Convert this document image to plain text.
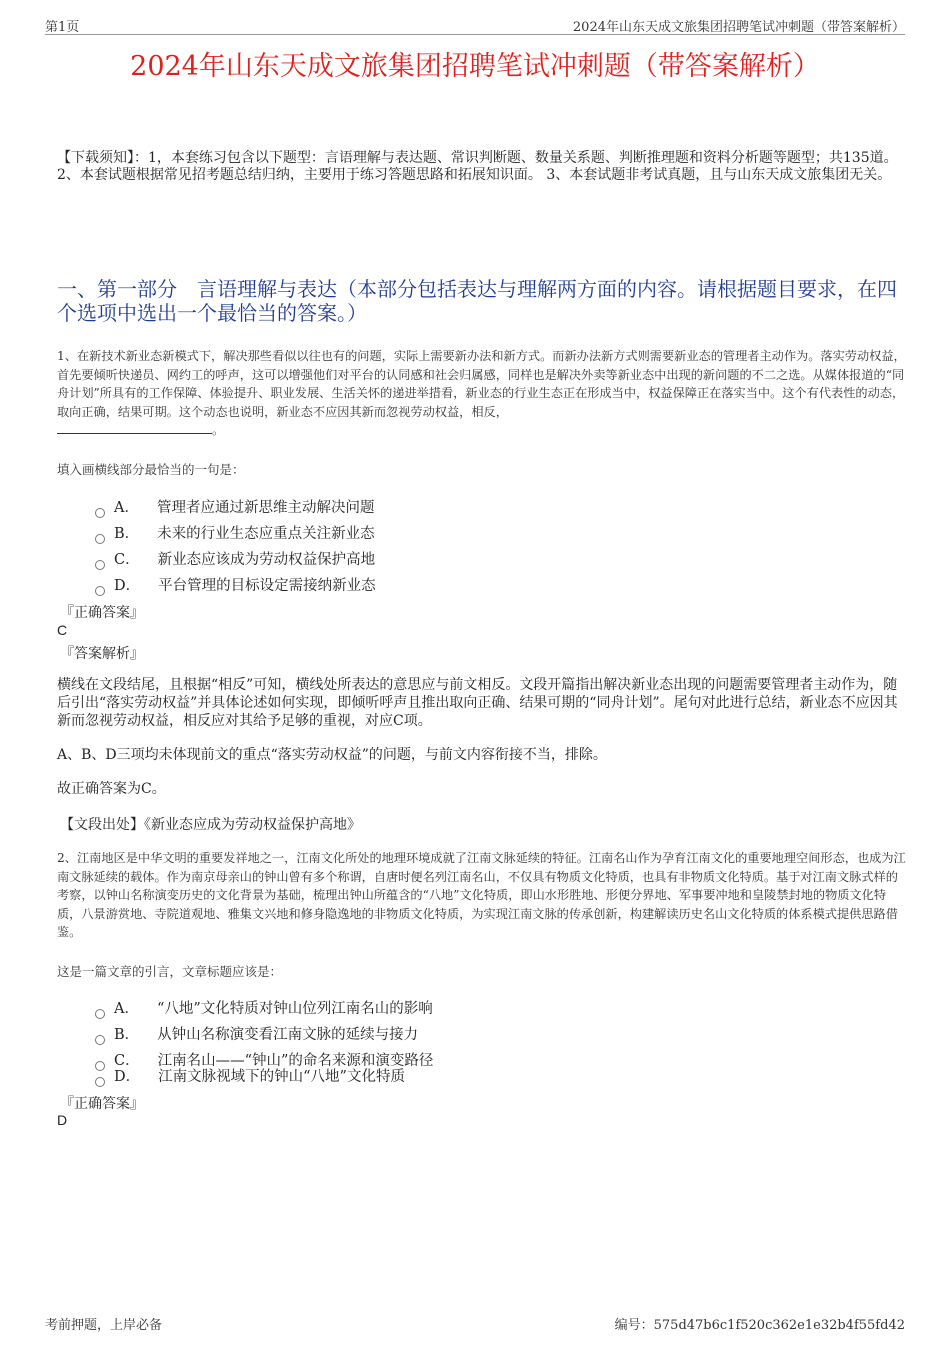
第1页	2024年山东天成文旅集团招聘笔试冲刺题（带答案解析）
2024年山东天成文旅集团招聘笔试冲刺题（带答案解析）
【下载须知】：1，本套练习包含以下题型：言语理解与表达题、常识判断题、数量关系题、判断推理题和资料分析题等题型；共135道。 2、本套试题根据常见招考题总结归纳，主要用于练习答题思路和拓展知识面。 3、本套试题非考试真题，且与山东天成文旅集团无关。
一、第一部分　言语理解与表达（本部分包括表达与理解两方面的内容。请根据题目要求，在四个选项中选出一个最恰当的答案。）
1、在新技术新业态新模式下，解决那些看似以往也有的问题，实际上需要新办法和新方式。而新办法新方式则需要新业态的管理者主动作为。落实劳动权益，首先要倾听快递员、网约工的呼声，这可以增强他们对平台的认同感和社会归属感，同样也是解决外卖等新业态中出现的新问题的不二之选。从媒体报道的“同舟计划”所具有的工作保障、体验提升、职业发展、生活关怀的递进举措看，新业态的行业生态正在形成当中，权益保障正在落实当中。这个有代表性的动态，取向正确，结果可期。这个动态也说明，新业态不应因其新而忽视劳动权益，相反，
。
填入画横线部分最恰当的一句是：
A． 管理者应通过新思维主动解决问题
B． 未来的行业生态应重点关注新业态
C． 新业态应该成为劳动权益保护高地
D． 平台管理的目标设定需接纳新业态
『正确答案』
C
『答案解析』
横线在文段结尾，且根据“相反”可知，横线处所表达的意思应与前文相反。文段开篇指出解决新业态出现的问题需要管理者主动作为，随后引出“落实劳动权益”并具体论述如何实现，即倾听呼声且推出取向正确、结果可期的“同舟计划”。尾句对此进行总结，新业态不应因其新而忽视劳动权益，相反应对其给予足够的重视，对应C项。
A、B、D三项均未体现前文的重点“落实劳动权益”的问题，与前文内容衔接不当，排除。
故正确答案为C。
【文段出处】《新业态应成为劳动权益保护高地》
2、江南地区是中华文明的重要发祥地之一，江南文化所处的地理环境成就了江南文脉延续的特征。江南名山作为孕育江南文化的重要地理空间形态，也成为江南文脉延续的载体。作为南京母亲山的钟山曾有多个称谓，自唐时便名列江南名山，不仅具有物质文化特质，也具有非物质文化特质。基于对江南文脉式样的考察，以钟山名称演变历史的文化背景为基础，梳理出钟山所蕴含的“八地”文化特质，即山水形胜地、形便分界地、军事要冲地和皇陵禁封地的物质文化特质，八景游赏地、寺院道观地、雅集文兴地和修身隐逸地的非物质文化特质，为实现江南文脉的传承创新，构建解读历史名山文化特质的体系模式提供思路借鉴。
这是一篇文章的引言，文章标题应该是：
A． “八地”文化特质对钟山位列江南名山的影响
B． 从钟山名称演变看江南文脉的延续与接力
C． 江南名山——“钟山”的命名来源和演变路径
D． 江南文脉视域下的钟山“八地”文化特质
『正确答案』
D
考前押题，上岸必备	编号：575d47b6c1f520c362e1e32b4f55fd42
